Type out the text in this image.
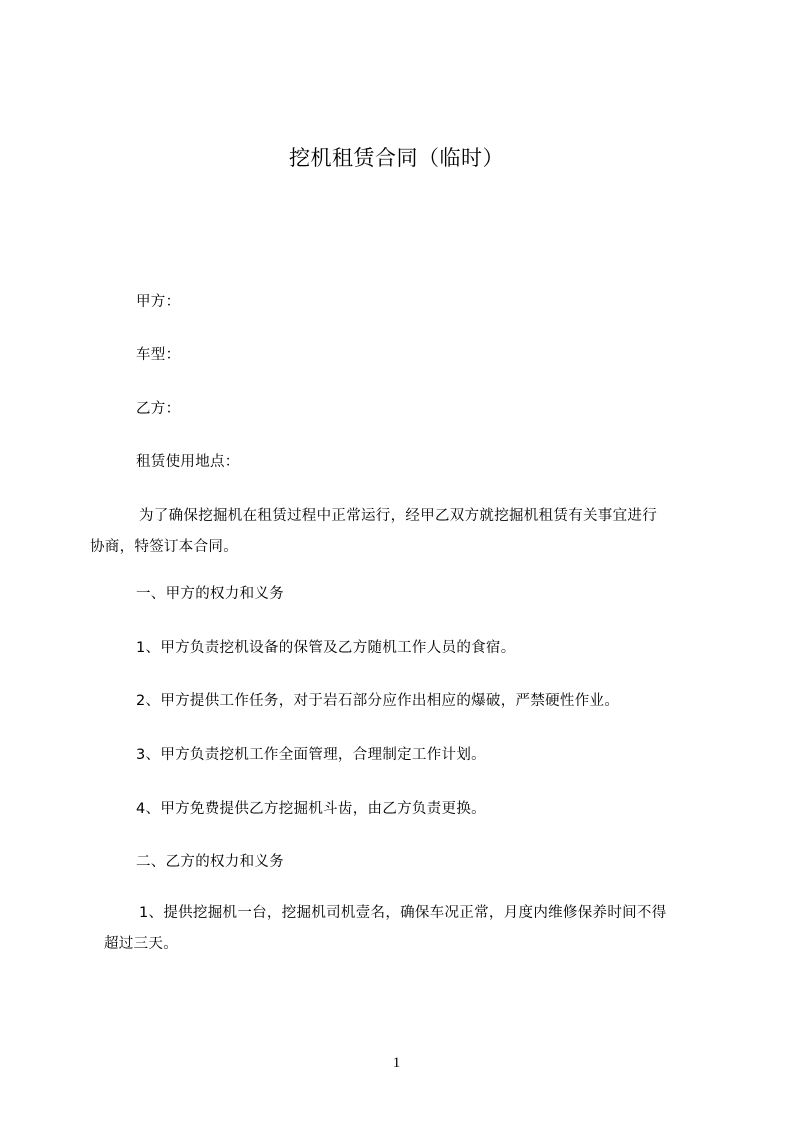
挖机租赁合同（临时）
甲方：
车型：
乙方：
租赁使用地点：
为了确保挖掘机在租赁过程中正常运行，经甲乙双方就挖掘机租赁有关事宜进行
协商，特签订本合同。
一、甲方的权力和义务
1、甲方负责挖机设备的保管及乙方随机工作人员的食宿。
2、甲方提供工作任务，对于岩石部分应作出相应的爆破，严禁硬性作业。
3、甲方负责挖机工作全面管理，合理制定工作计划。
4、甲方免费提供乙方挖掘机斗齿，由乙方负责更换。
二、乙方的权力和义务
1、提供挖掘机一台，挖掘机司机壹名，确保车况正常，月度内维修保养时间不得
超过三天。
1
